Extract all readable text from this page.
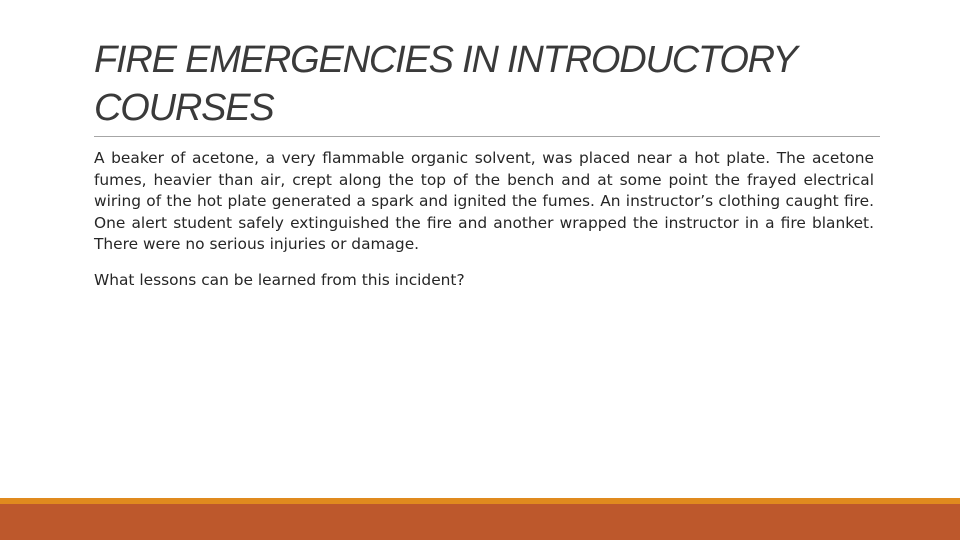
FIRE EMERGENCIES IN INTRODUCTORY COURSES

A beaker of acetone, a very flammable organic solvent, was placed near a hot plate. The acetone fumes, heavier than air, crept along the top of the bench and at some point the frayed electrical wiring of the hot plate generated a spark and ignited the fumes. An instructor’s clothing caught fire. One alert student safely extinguished the fire and another wrapped the instructor in a fire blanket. There were no serious injuries or damage.

What lessons can be learned from this incident?
